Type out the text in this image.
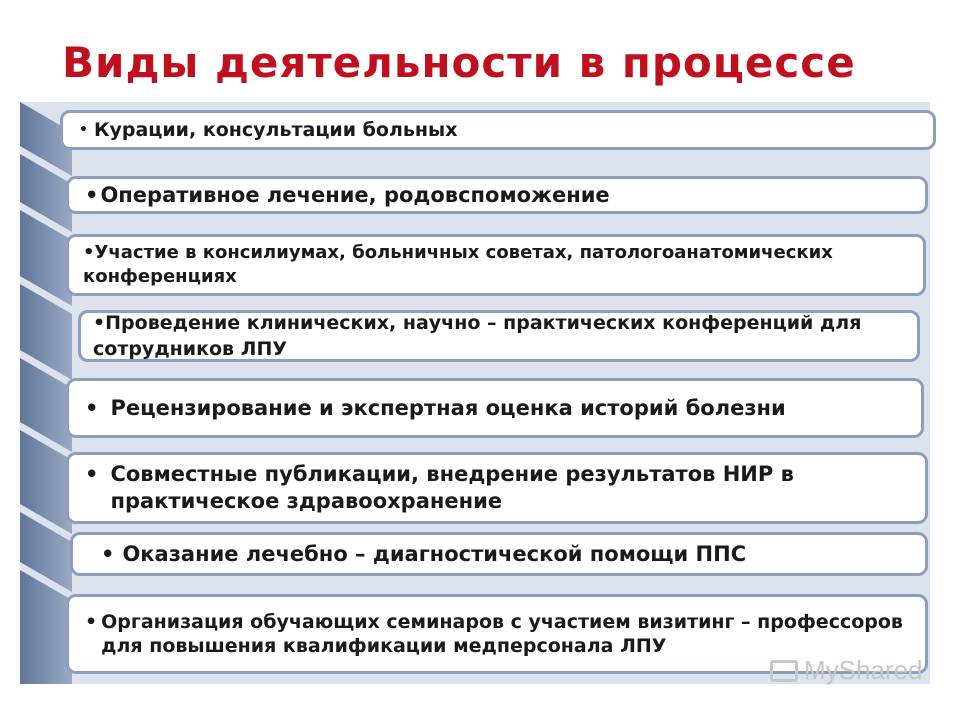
Виды деятельности в процессе
• Курации, консультации больных
• Оперативное лечение, родовспоможение
•Участие в консилиумах, больничных советах, патологоанатомических конференциях
•Проведение клинических, научно – практических конференций для сотрудников ЛПУ
• Рецензирование и экспертная оценка историй болезни
• Совместные публикации, внедрение результатов НИР в практическое здравоохранение
• Оказание лечебно – диагностической помощи ППС
• Организация обучающих семинаров с участием визитинг – профессоров для повышения квалификации медперсонала ЛПУ
MyShared
